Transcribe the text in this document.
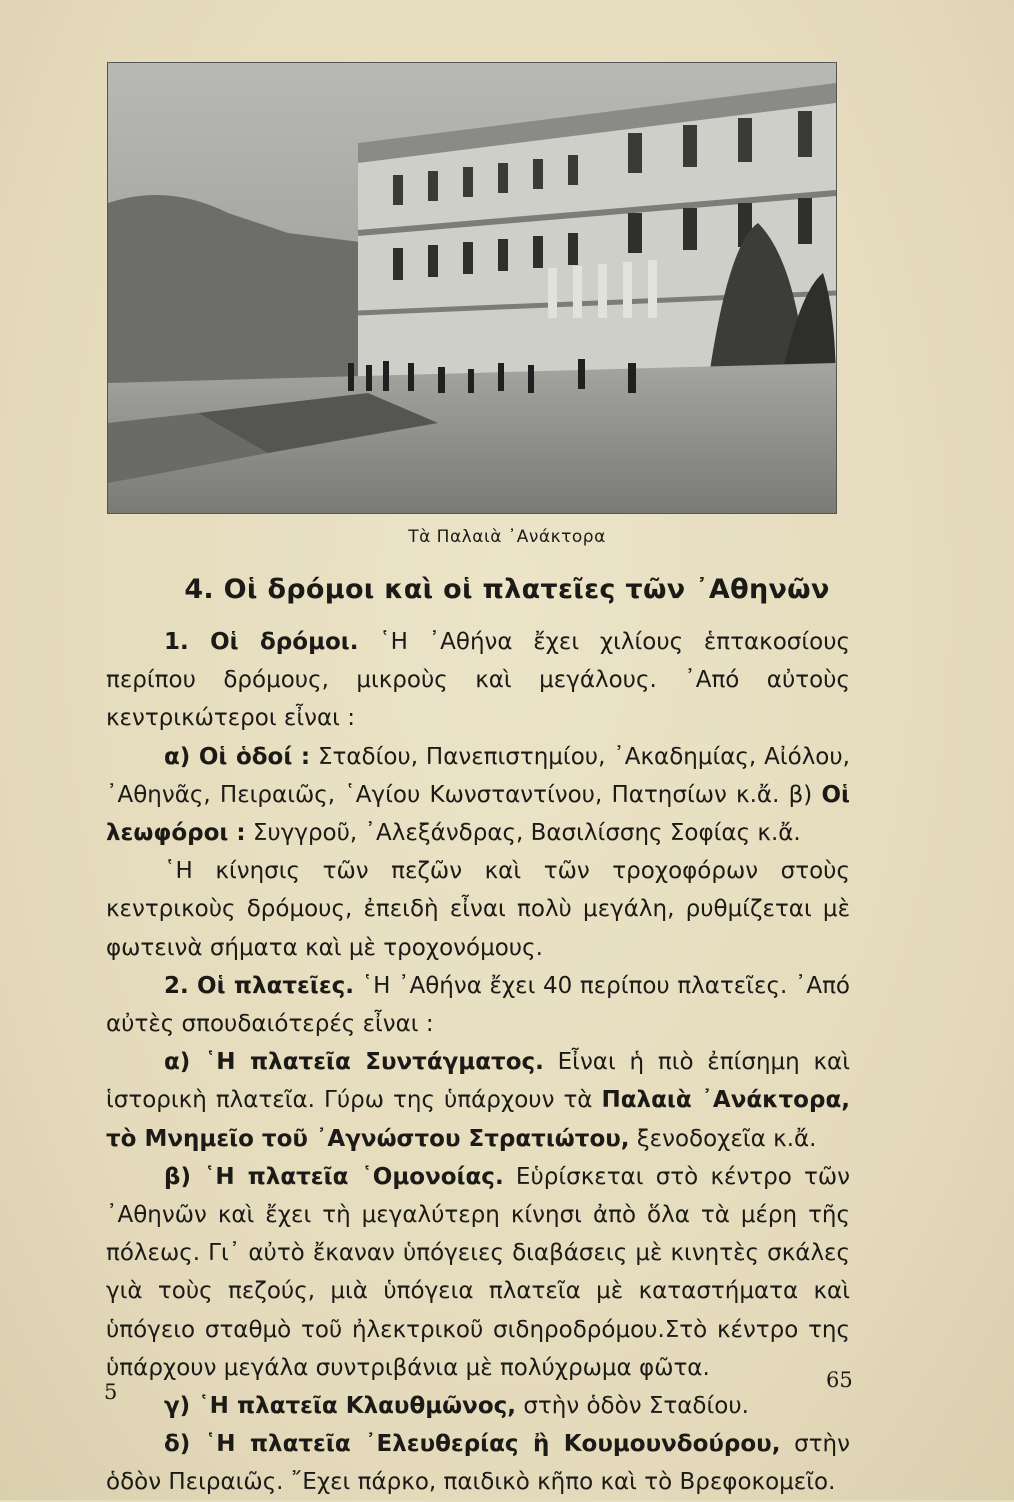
Τὰ Παλαιὰ ᾿Ανάκτορα
4. Οἱ δρόμοι καὶ οἱ πλατεῖες τῶν ᾿Αθηνῶν

1. Οἱ δρόμοι. ῾Η ᾿Αθήνα ἔχει χιλίους ἑπτακοσίους περίπου δρόμους, μικροὺς καὶ μεγάλους. ᾿Από αὐτοὺς κεντρικώτεροι εἶναι :

α) Οἱ ὁδοί : Σταδίου, Πανεπιστημίου, ᾿Ακαδημίας, Αἰόλου, ᾿Αθηνᾶς, Πειραιῶς, ῾Αγίου Κωνσταντίνου, Πατησίων κ.ἄ. β) Οἱ λεωφόροι : Συγγροῦ, ᾿Αλεξάνδρας, Βασιλίσσης Σοφίας κ.ἄ.

῾Η κίνησις τῶν πεζῶν καὶ τῶν τροχοφόρων στοὺς κεντρικοὺς δρόμους, ἐπειδὴ εἶναι πολὺ μεγάλη, ρυθμίζεται μὲ φωτεινὰ σήματα καὶ μὲ τροχονόμους.

2. Οἱ πλατεῖες. ῾Η ᾿Αθήνα ἔχει 40 περίπου πλατεῖες. ᾿Από αὐτὲς σπουδαιότερές εἶναι :

α) ῾Η πλατεῖα Συντάγματος. Εἶναι ἡ πιὸ ἐπίσημη καὶ ἱστορικὴ πλατεῖα. Γύρω της ὑπάρχουν τὰ Παλαιὰ ᾿Ανάκτορα, τὸ Μνημεῖο τοῦ ᾿Αγνώστου Στρατιώτου, ξενοδοχεῖα κ.ἄ.

β) ῾Η πλατεῖα ῾Ομονοίας. Εὑρίσκεται στὸ κέντρο τῶν ᾿Αθηνῶν καὶ ἔχει τὴ μεγαλύτερη κίνησι ἀπὸ ὅλα τὰ μέρη τῆς πόλεως. Γι᾿ αὐτὸ ἔκαναν ὑπόγειες διαβάσεις μὲ κινητὲς σκάλες γιὰ τοὺς πεζούς, μιὰ ὑπόγεια πλατεῖα μὲ καταστήματα καὶ ὑπόγειο σταθμὸ τοῦ ἠλεκτρικοῦ σιδηροδρόμου.Στὸ κέντρο της ὑπάρχουν μεγάλα συντριβάνια μὲ πολύχρωμα φῶτα.

γ) ῾Η πλατεῖα Κλαυθμῶνος, στὴν ὁδὸν Σταδίου.

δ) ῾Η πλατεῖα ᾿Ελευθερίας ἢ Κουμουνδούρου, στὴν ὁδὸν Πειραιῶς. ῎Εχει πάρκο, παιδικὸ κῆπο καὶ τὸ Βρεφοκομεῖο.

5	65
